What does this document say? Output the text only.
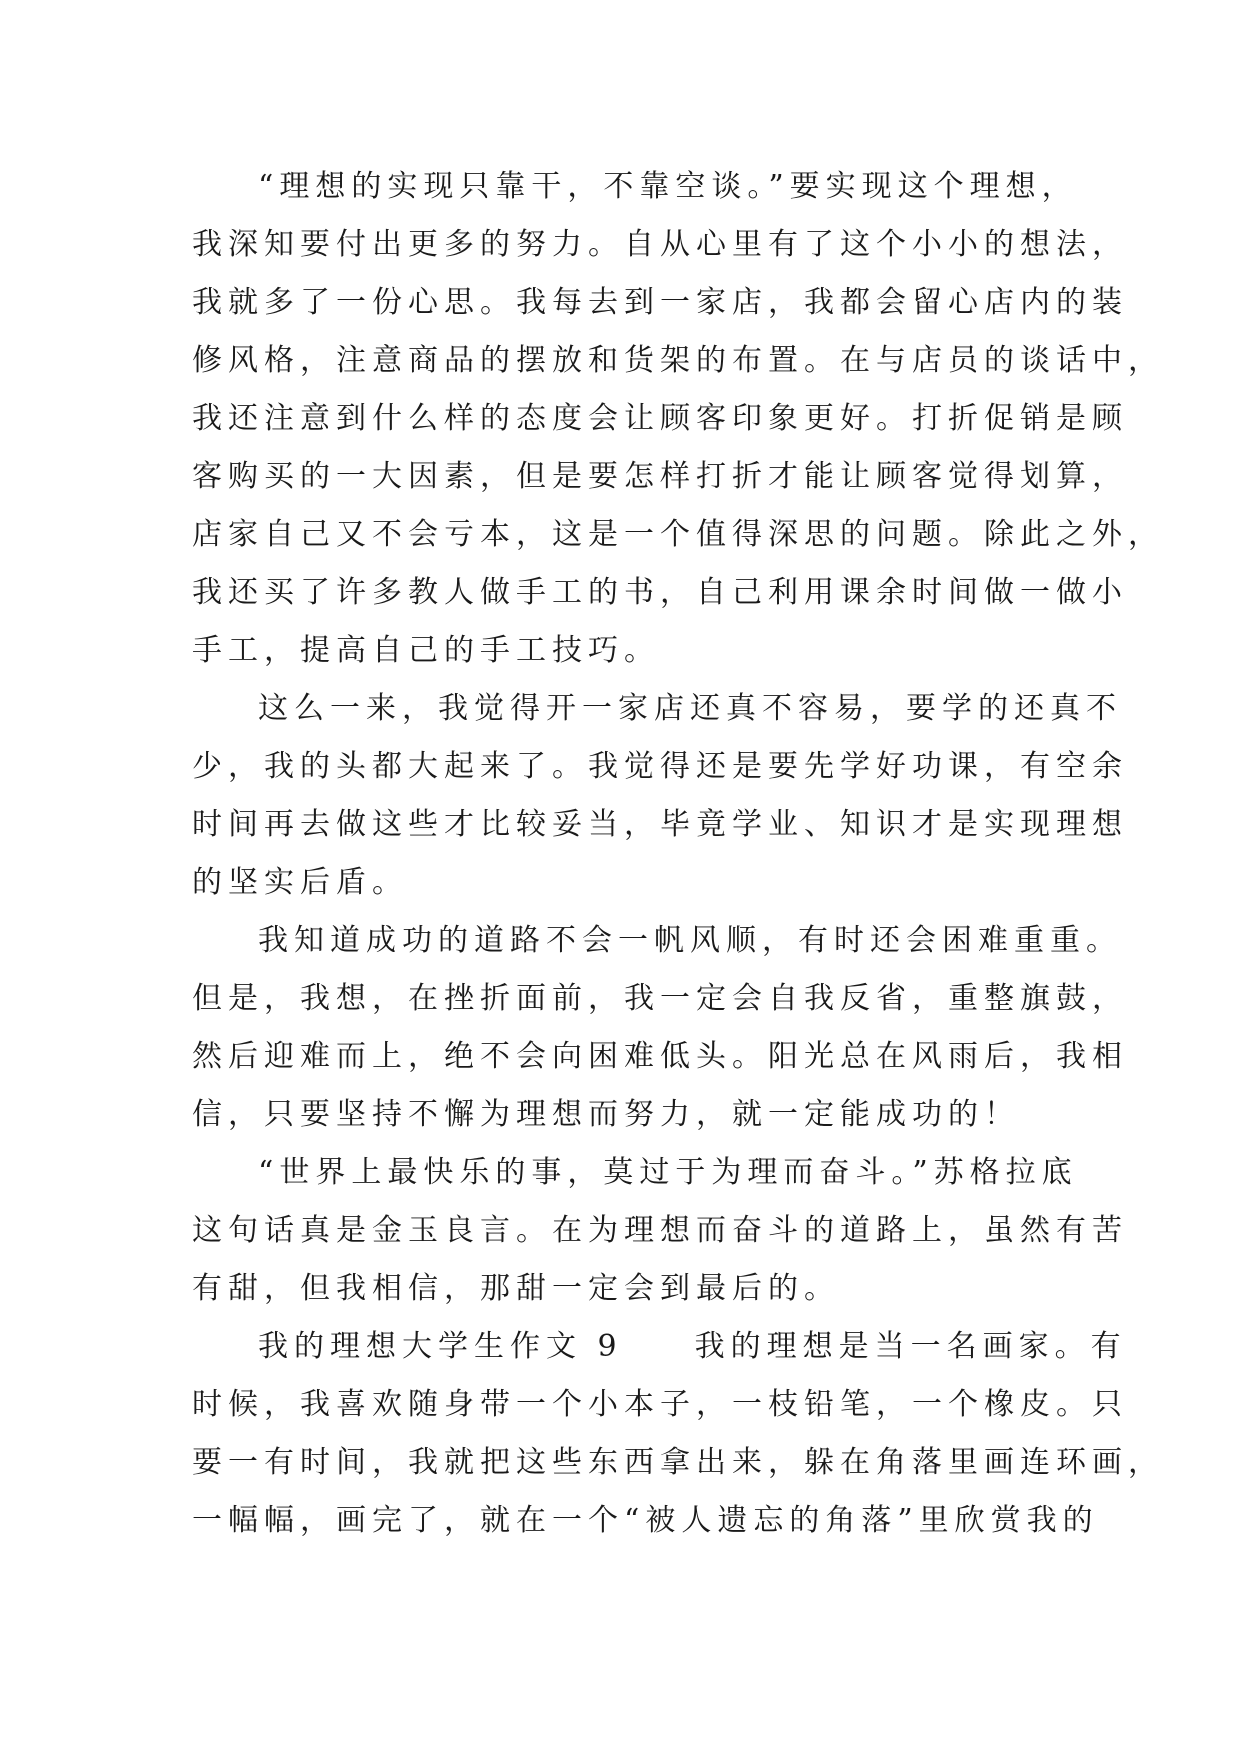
“理想的实现只靠干，不靠空谈。”要实现这个理想，
我深知要付出更多的努力。自从心里有了这个小小的想法，
我就多了一份心思。我每去到一家店，我都会留心店内的装
修风格，注意商品的摆放和货架的布置。在与店员的谈话中，
我还注意到什么样的态度会让顾客印象更好。打折促销是顾
客购买的一大因素，但是要怎样打折才能让顾客觉得划算，
店家自己又不会亏本，这是一个值得深思的问题。除此之外，
我还买了许多教人做手工的书，自己利用课余时间做一做小
手工，提高自己的手工技巧。
这么一来，我觉得开一家店还真不容易，要学的还真不
少，我的头都大起来了。我觉得还是要先学好功课，有空余
时间再去做这些才比较妥当，毕竟学业、知识才是实现理想
的坚实后盾。
我知道成功的道路不会一帆风顺，有时还会困难重重。
但是，我想，在挫折面前，我一定会自我反省，重整旗鼓，
然后迎难而上，绝不会向困难低头。阳光总在风雨后，我相
信，只要坚持不懈为理想而努力，就一定能成功的！
“世界上最快乐的事，莫过于为理而奋斗。”苏格拉底
这句话真是金玉良言。在为理想而奋斗的道路上，虽然有苦
有甜，但我相信，那甜一定会到最后的。
我的理想大学生作文 9　　我的理想是当一名画家。有
时候，我喜欢随身带一个小本子，一枝铅笔，一个橡皮。只
要一有时间，我就把这些东西拿出来，躲在角落里画连环画，
一幅幅，画完了，就在一个“被人遗忘的角落”里欣赏我的
